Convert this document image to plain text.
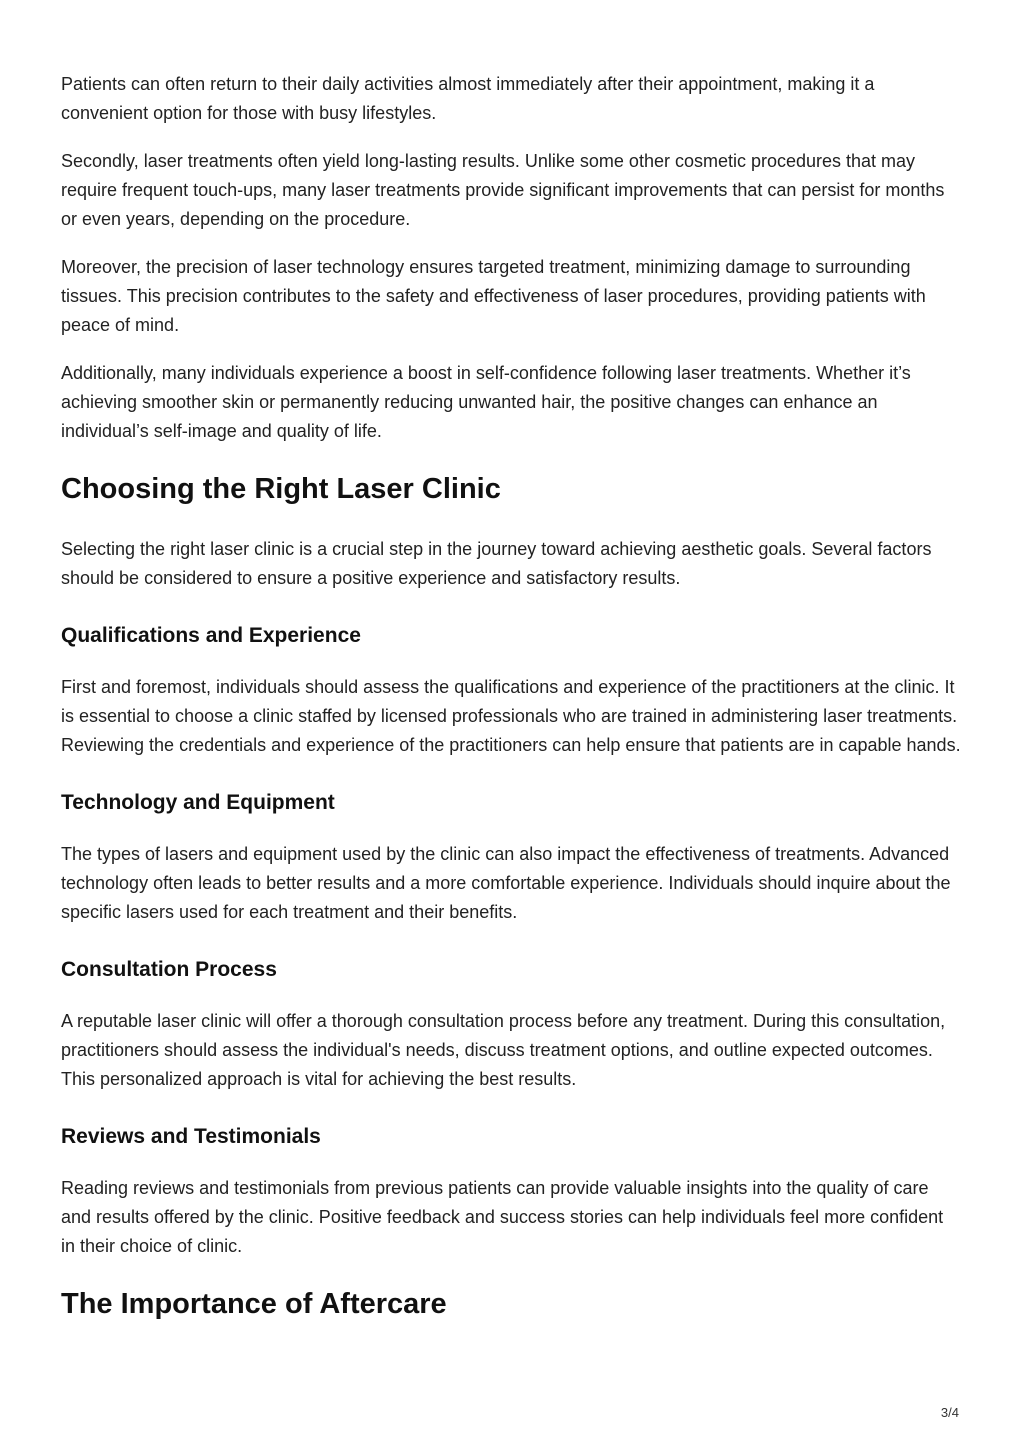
Patients can often return to their daily activities almost immediately after their appointment, making it a convenient option for those with busy lifestyles.

Secondly, laser treatments often yield long-lasting results. Unlike some other cosmetic procedures that may require frequent touch-ups, many laser treatments provide significant improvements that can persist for months or even years, depending on the procedure.

Moreover, the precision of laser technology ensures targeted treatment, minimizing damage to surrounding tissues. This precision contributes to the safety and effectiveness of laser procedures, providing patients with peace of mind.

Additionally, many individuals experience a boost in self-confidence following laser treatments. Whether it’s achieving smoother skin or permanently reducing unwanted hair, the positive changes can enhance an individual’s self-image and quality of life.

Choosing the Right Laser Clinic

Selecting the right laser clinic is a crucial step in the journey toward achieving aesthetic goals. Several factors should be considered to ensure a positive experience and satisfactory results.

Qualifications and Experience

First and foremost, individuals should assess the qualifications and experience of the practitioners at the clinic. It is essential to choose a clinic staffed by licensed professionals who are trained in administering laser treatments. Reviewing the credentials and experience of the practitioners can help ensure that patients are in capable hands.

Technology and Equipment

The types of lasers and equipment used by the clinic can also impact the effectiveness of treatments. Advanced technology often leads to better results and a more comfortable experience. Individuals should inquire about the specific lasers used for each treatment and their benefits.

Consultation Process

A reputable laser clinic will offer a thorough consultation process before any treatment. During this consultation, practitioners should assess the individual's needs, discuss treatment options, and outline expected outcomes. This personalized approach is vital for achieving the best results.

Reviews and Testimonials

Reading reviews and testimonials from previous patients can provide valuable insights into the quality of care and results offered by the clinic. Positive feedback and success stories can help individuals feel more confident in their choice of clinic.

The Importance of Aftercare
3/4
